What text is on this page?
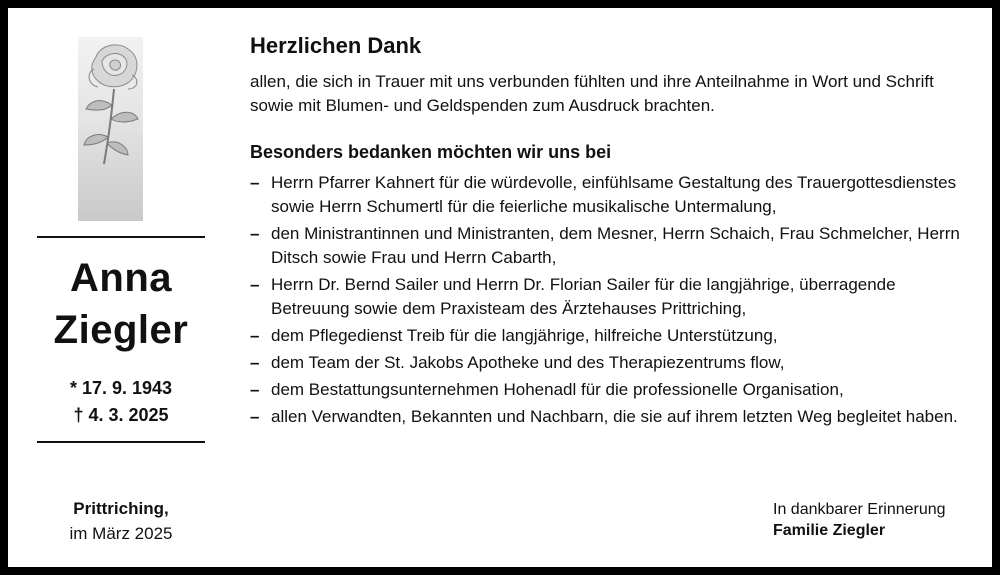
Anna
Ziegler
* 17. 9. 1943
† 4. 3. 2025
Prittriching,
im März 2025
Herzlichen Dank
allen, die sich in Trauer mit uns verbunden fühlten und ihre Anteilnahme in Wort und Schrift sowie mit Blumen- und Geldspenden zum Ausdruck brachten.
Besonders bedanken möchten wir uns bei
– Herrn Pfarrer Kahnert für die würdevolle, einfühlsame Gestaltung des Trauergottesdienstes sowie Herrn Schumertl für die feierliche musikalische Untermalung,
– den Ministrantinnen und Ministranten, dem Mesner, Herrn Schaich, Frau Schmelcher, Herrn Ditsch sowie Frau und Herrn Cabarth,
– Herrn Dr. Bernd Sailer und Herrn Dr. Florian Sailer für die langjährige, überragende Betreuung sowie dem Praxisteam des Ärztehauses Prittriching,
– dem Pflegedienst Treib für die langjährige, hilfreiche Unterstützung,
– dem Team der St. Jakobs Apotheke und des Therapiezentrums flow,
– dem Bestattungsunternehmen Hohenadl für die professionelle Organisation,
– allen Verwandten, Bekannten und Nachbarn, die sie auf ihrem letzten Weg begleitet haben.
In dankbarer Erinnerung
Familie Ziegler
